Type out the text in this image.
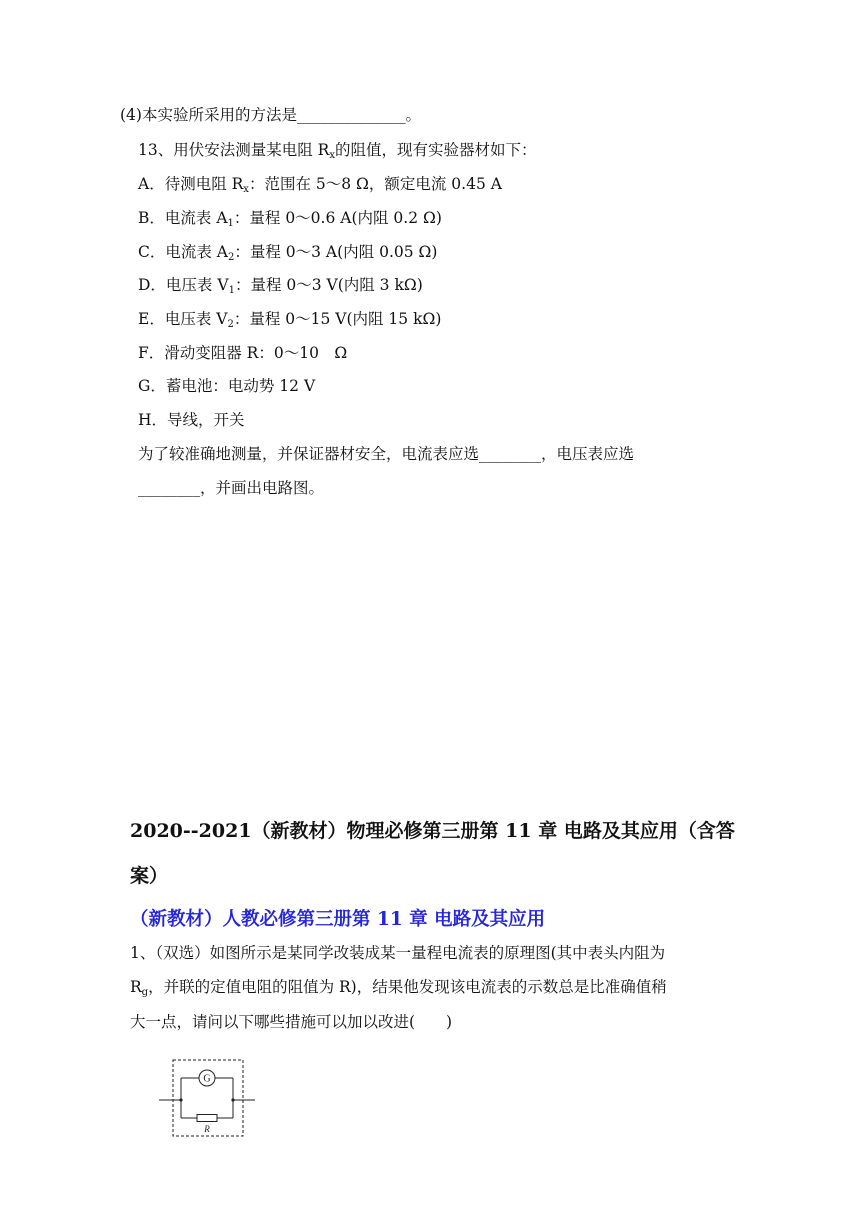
(4)本实验所采用的方法是______________。
13、用伏安法测量某电阻 $R_x$的阻值，现有实验器材如下：
A．待测电阻 $R_x$：范围在 5～8 Ω，额定电流 0.45 A
B．电流表 $A_1$：量程 0～0.6 A(内阻 0.2 Ω)
C．电流表 $A_2$：量程 0～3 A(内阻 0.05 Ω)
D．电压表 $V_1$：量程 0～3 V(内阻 3 kΩ)
E．电压表 $V_2$：量程 0～15 V(内阻 15 kΩ)
F．滑动变阻器 R：0～10　Ω
G．蓄电池：电动势 12 V
H．导线，开关
为了较准确地测量，并保证器材安全，电流表应选________，电压表应选
________，并画出电路图。
2020--2021（新教材）物理必修第三册第 11 章 电路及其应用（含答
案）
（新教材）人教必修第三册第 11 章 电路及其应用
1、（双选）如图所示是某同学改装成某一量程电流表的原理图(其中表头内阻为
$R_g$，并联的定值电阻的阻值为 R)，结果他发现该电流表的示数总是比准确值稍
大一点，请问以下哪些措施可以加以改进(　　)
G
R
